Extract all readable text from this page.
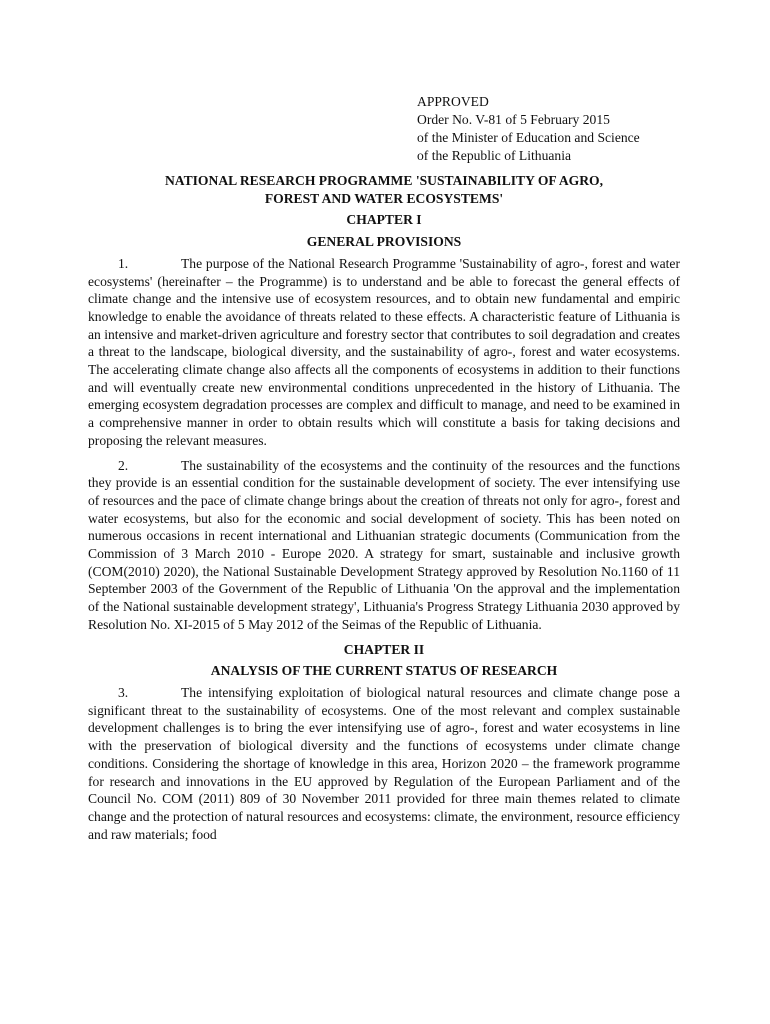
APPROVED
Order No. V-81 of 5 February 2015
of the Minister of Education and Science
of the Republic of Lithuania
NATIONAL RESEARCH PROGRAMME 'SUSTAINABILITY OF AGRO,
FOREST AND WATER ECOSYSTEMS'
CHAPTER I
GENERAL PROVISIONS

1.	The purpose of the National Research Programme 'Sustainability of agro-, forest and water ecosystems' (hereinafter – the Programme) is to understand and be able to forecast the general effects of climate change and the intensive use of ecosystem resources, and to obtain new fundamental and empiric knowledge to enable the avoidance of threats related to these effects. A characteristic feature of Lithuania is an intensive and market-driven agriculture and forestry sector that contributes to soil degradation and creates a threat to the landscape, biological diversity, and the sustainability of agro-, forest and water ecosystems. The accelerating climate change also affects all the components of ecosystems in addition to their functions and will eventually create new environmental conditions unprecedented in the history of Lithuania. The emerging ecosystem degradation processes are complex and difficult to manage, and need to be examined in a comprehensive manner in order to obtain results which will constitute a basis for taking decisions and proposing the relevant measures.

2.	The sustainability of the ecosystems and the continuity of the resources and the functions they provide is an essential condition for the sustainable development of society. The ever intensifying use of resources and the pace of climate change brings about the creation of threats not only for agro-, forest and water ecosystems, but also for the economic and social development of society. This has been noted on numerous occasions in recent international and Lithuanian strategic documents (Communication from the Commission of 3 March 2010 - Europe 2020. A strategy for smart, sustainable and inclusive growth (COM(2010) 2020), the National Sustainable Development Strategy approved by Resolution No.1160 of 11 September 2003 of the Government of the Republic of Lithuania 'On the approval and the implementation of the National sustainable development strategy', Lithuania's Progress Strategy Lithuania 2030 approved by Resolution No. XI-2015 of 5 May 2012 of the Seimas of the Republic of Lithuania.

CHAPTER II
ANALYSIS OF THE CURRENT STATUS OF RESEARCH

3.	The intensifying exploitation of biological natural resources and climate change pose a significant threat to the sustainability of ecosystems. One of the most relevant and complex sustainable development challenges is to bring the ever intensifying use of agro-, forest and water ecosystems in line with the preservation of biological diversity and the functions of ecosystems under climate change conditions. Considering the shortage of knowledge in this area, Horizon 2020 – the framework programme for research and innovations in the EU approved by Regulation of the European Parliament and of the Council No. COM (2011) 809 of 30 November 2011 provided for three main themes related to climate change and the protection of natural resources and ecosystems: climate, the environment, resource efficiency and raw materials; food
